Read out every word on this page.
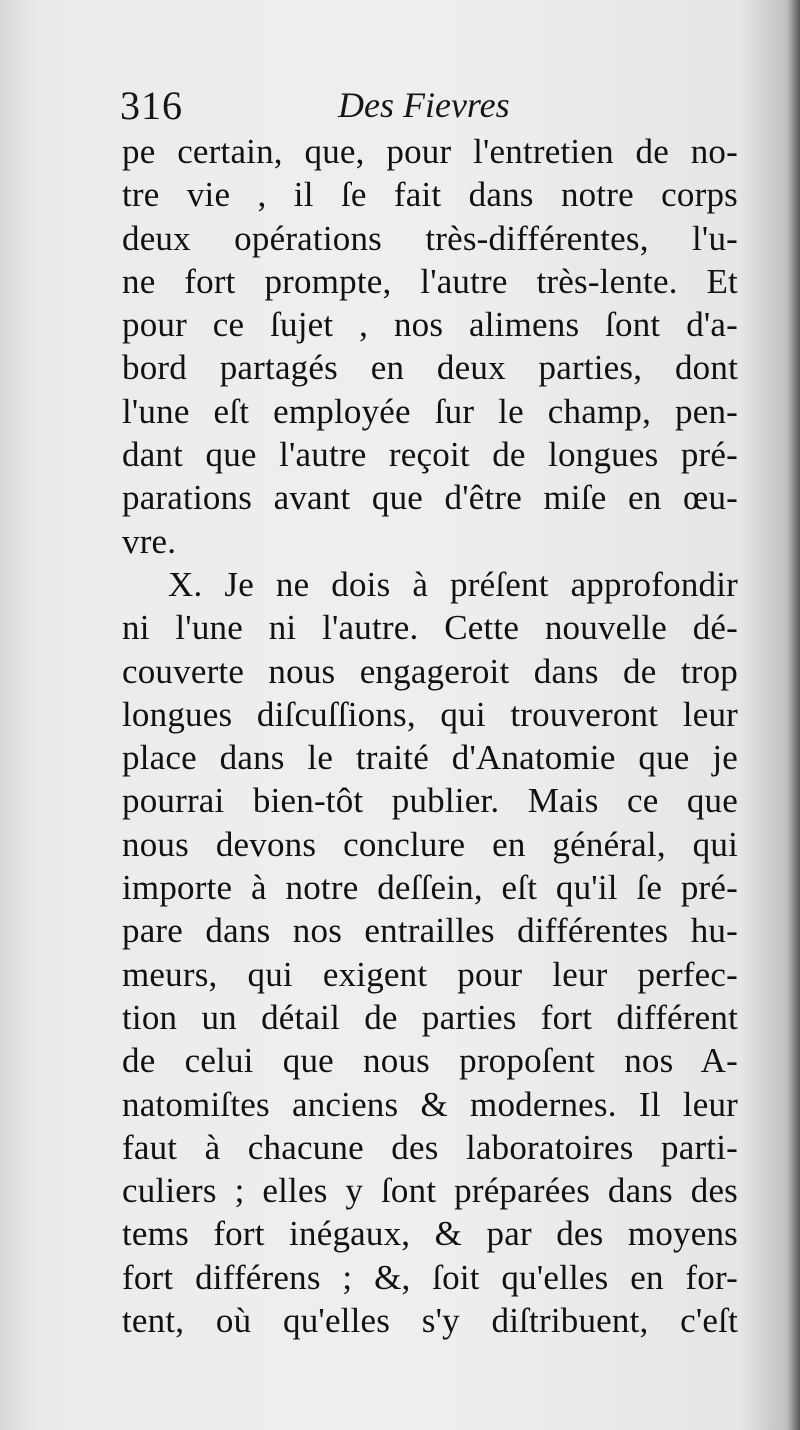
316	Des Fievres
pe certain, que, pour l'entretien de no-
tre vie , il ſe fait dans notre corps
deux opérations très-différentes, l'u-
ne fort prompte, l'autre très-lente. Et
pour ce ſujet , nos alimens ſont d'a-
bord partagés en deux parties, dont
l'une eſt employée ſur le champ, pen-
dant que l'autre reçoit de longues pré-
parations avant que d'être miſe en œu-
vre.
X. Je ne dois à préſent approfondir
ni l'une ni l'autre. Cette nouvelle dé-
couverte nous engageroit dans de trop
longues diſcuſſions, qui trouveront leur
place dans le traité d'Anatomie que je
pourrai bien-tôt publier. Mais ce que
nous devons conclure en général, qui
importe à notre deſſein, eſt qu'il ſe pré-
pare dans nos entrailles différentes hu-
meurs, qui exigent pour leur perfec-
tion un détail de parties fort différent
de celui que nous propoſent nos A-
natomiſtes anciens & modernes. Il leur
faut à chacune des laboratoires parti-
culiers ; elles y ſont préparées dans des
tems fort inégaux, & par des moyens
fort différens ; &, ſoit qu'elles en for-
tent, où qu'elles s'y diſtribuent, c'eſt
